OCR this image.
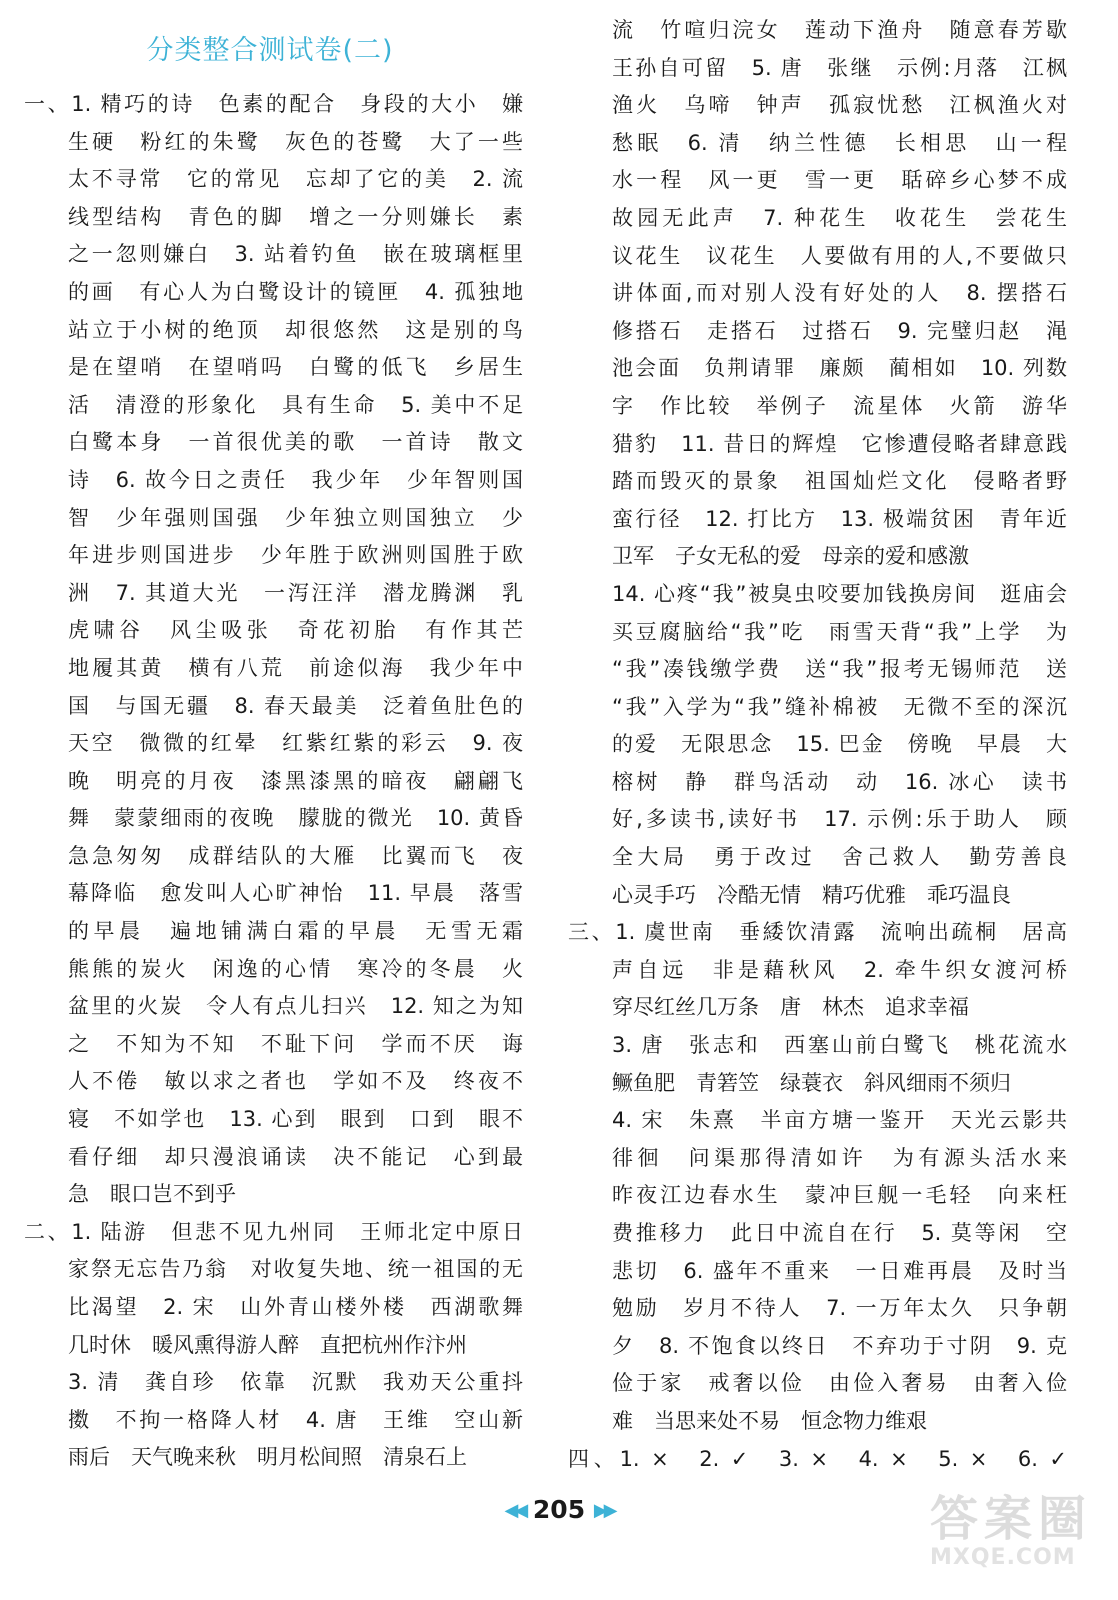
分类整合测试卷(二)

一、1. 精巧的诗　色素的配合　身段的大小　嫌

生硬　粉红的朱鹭　灰色的苍鹭　大了一些

太不寻常　它的常见　忘却了它的美　2. 流

线型结构　青色的脚　增之一分则嫌长　素

之一忽则嫌白　3. 站着钓鱼　嵌在玻璃框里

的画　有心人为白鹭设计的镜匣　4. 孤独地

站立于小树的绝顶　却很悠然　这是别的鸟

是在望哨　在望哨吗　白鹭的低飞　乡居生

活　清澄的形象化　具有生命　5. 美中不足

白鹭本身　一首很优美的歌　一首诗　散文

诗　6. 故今日之责任　我少年　少年智则国

智　少年强则国强　少年独立则国独立　少

年进步则国进步　少年胜于欧洲则国胜于欧

洲　7. 其道大光　一泻汪洋　潜龙腾渊　乳

虎啸谷　风尘吸张　奇花初胎　有作其芒

地履其黄　横有八荒　前途似海　我少年中

国　与国无疆　8. 春天最美　泛着鱼肚色的

天空　微微的红晕　红紫红紫的彩云　9. 夜

晚　明亮的月夜　漆黑漆黑的暗夜　翩翩飞

舞　蒙蒙细雨的夜晚　朦胧的微光　10. 黄昏

急急匆匆　成群结队的大雁　比翼而飞　夜

幕降临　愈发叫人心旷神怡　11. 早晨　落雪

的早晨　遍地铺满白霜的早晨　无雪无霜

熊熊的炭火　闲逸的心情　寒冷的冬晨　火

盆里的火炭　令人有点儿扫兴　12. 知之为知

之　不知为不知　不耻下问　学而不厌　诲

人不倦　敏以求之者也　学如不及　终夜不

寝　不如学也　13. 心到　眼到　口到　眼不

看仔细　却只漫浪诵读　决不能记　心到最

急　眼口岂不到乎

二、1. 陆游　但悲不见九州同　王师北定中原日

家祭无忘告乃翁　对收复失地、统一祖国的无

比渴望　2. 宋　山外青山楼外楼　西湖歌舞

几时休　暖风熏得游人醉　直把杭州作汴州

3. 清　龚自珍　依靠　沉默　我劝天公重抖

擞　不拘一格降人材　4. 唐　王维　空山新

雨后　天气晚来秋　明月松间照　清泉石上

流　竹喧归浣女　莲动下渔舟　随意春芳歇

王孙自可留　5. 唐　张继　示例:月落　江枫

渔火　乌啼　钟声　孤寂忧愁　江枫渔火对

愁眠　6. 清　纳兰性德　长相思　山一程

水一程　风一更　雪一更　聒碎乡心梦不成

故园无此声　7. 种花生　收花生　尝花生

议花生　议花生　人要做有用的人,不要做只

讲体面,而对别人没有好处的人　8. 摆搭石

修搭石　走搭石　过搭石　9. 完璧归赵　渑

池会面　负荆请罪　廉颇　蔺相如　10. 列数

字　作比较　举例子　流星体　火箭　游华

猎豹　11. 昔日的辉煌　它惨遭侵略者肆意践

踏而毁灭的景象　祖国灿烂文化　侵略者野

蛮行径　12. 打比方　13. 极端贫困　青年近

卫军　子女无私的爱　母亲的爱和感激

14. 心疼“我”被臭虫咬要加钱换房间　逛庙会

买豆腐脑给“我”吃　雨雪天背“我”上学　为

“我”凑钱缴学费　送“我”报考无锡师范　送

“我”入学为“我”缝补棉被　无微不至的深沉

的爱　无限思念　15. 巴金　傍晚　早晨　大

榕树　静　群鸟活动　动　16. 冰心　读书

好,多读书,读好书　17. 示例:乐于助人　顾

全大局　勇于改过　舍己救人　勤劳善良

心灵手巧　冷酷无情　精巧优雅　乖巧温良

三、1. 虞世南　垂緌饮清露　流响出疏桐　居高

声自远　非是藉秋风　2. 牵牛织女渡河桥

穿尽红丝几万条　唐　林杰　追求幸福

3. 唐　张志和　西塞山前白鹭飞　桃花流水

鳜鱼肥　青箬笠　绿蓑衣　斜风细雨不须归

4. 宋　朱熹　半亩方塘一鉴开　天光云影共

徘徊　问渠那得清如许　为有源头活水来

昨夜江边春水生　蒙冲巨舰一毛轻　向来枉

费推移力　此日中流自在行　5. 莫等闲　空

悲切　6. 盛年不重来　一日难再晨　及时当

勉励　岁月不待人　7. 一万年太久　只争朝

夕　8. 不饱食以终日　不弃功于寸阴　9. 克

俭于家　戒奢以俭　由俭入奢易　由奢入俭

难　当思来处不易　恒念物力维艰

四、1. ×　2. ✓　3. ×　4. ×　5. ×　6. ✓

◀◀ 205 ▶▶	答案圈
MXQE.COM
